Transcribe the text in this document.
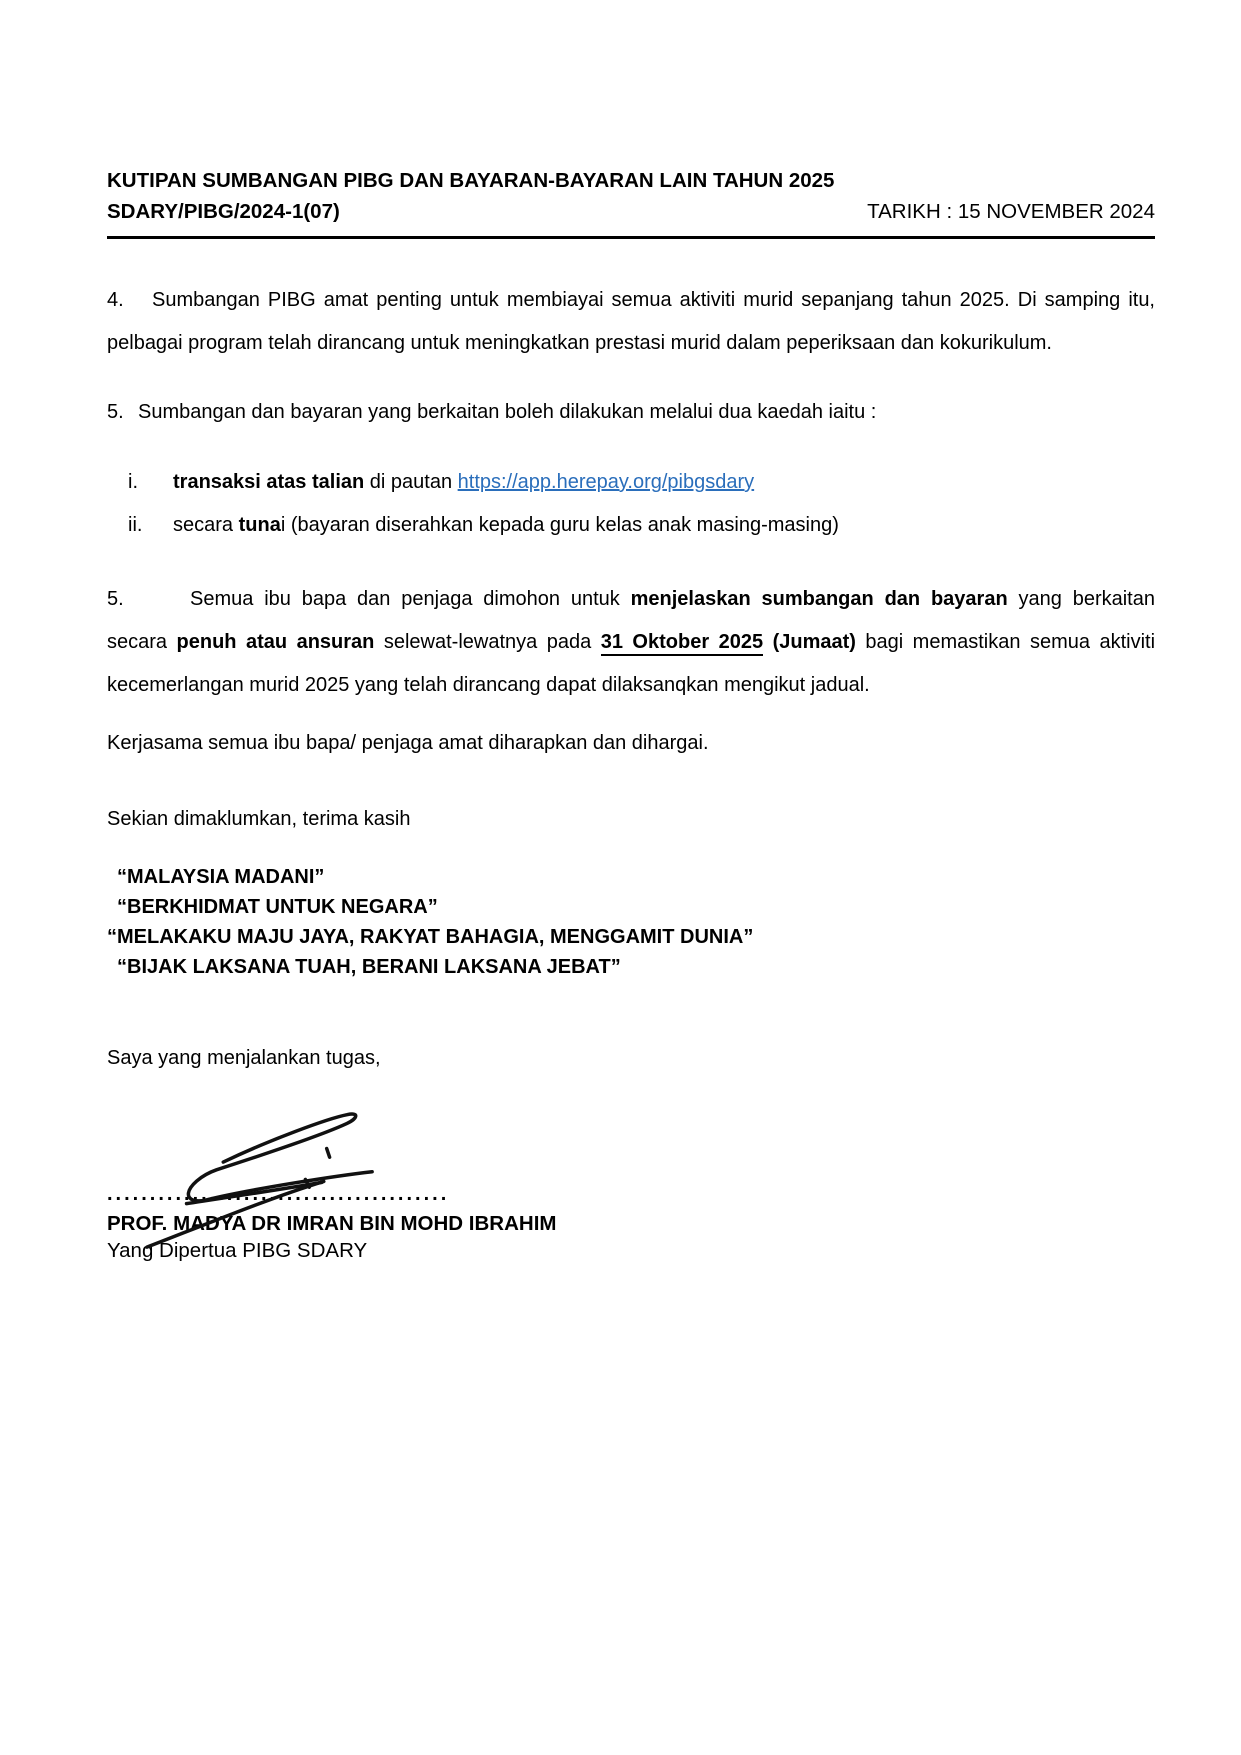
KUTIPAN SUMBANGAN PIBG DAN BAYARAN-BAYARAN LAIN TAHUN 2025
SDARY/PIBG/2024-1(07)	TARIKH : 15 NOVEMBER 2024

4. Sumbangan PIBG amat penting untuk membiayai semua aktiviti murid sepanjang tahun 2025. Di samping itu, pelbagai program telah dirancang untuk meningkatkan prestasi murid dalam peperiksaan dan kokurikulum.

5. Sumbangan dan bayaran yang berkaitan boleh dilakukan melalui dua kaedah iaitu :

i.	transaksi atas talian di pautan https://app.herepay.org/pibgsdary
ii.	secara tunai (bayaran diserahkan kepada guru kelas anak masing-masing)

5.	Semua ibu bapa dan penjaga dimohon untuk menjelaskan sumbangan dan bayaran yang berkaitan secara penuh atau ansuran selewat-lewatnya pada 31 Oktober 2025 (Jumaat) bagi memastikan semua aktiviti kecemerlangan murid 2025 yang telah dirancang dapat dilaksanqkan mengikut jadual.

Kerjasama semua ibu bapa/ penjaga amat diharapkan dan dihargai.

Sekian dimaklumkan, terima kasih

“MALAYSIA MADANI”
“BERKHIDMAT UNTUK NEGARA”
“MELAKAKU MAJU JAYA, RAKYAT BAHAGIA, MENGGAMIT DUNIA”
“BIJAK LAKSANA TUAH, BERANI LAKSANA JEBAT”

Saya yang menjalankan tugas,

........................................
PROF. MADYA DR IMRAN BIN MOHD IBRAHIM
Yang Dipertua PIBG SDARY
